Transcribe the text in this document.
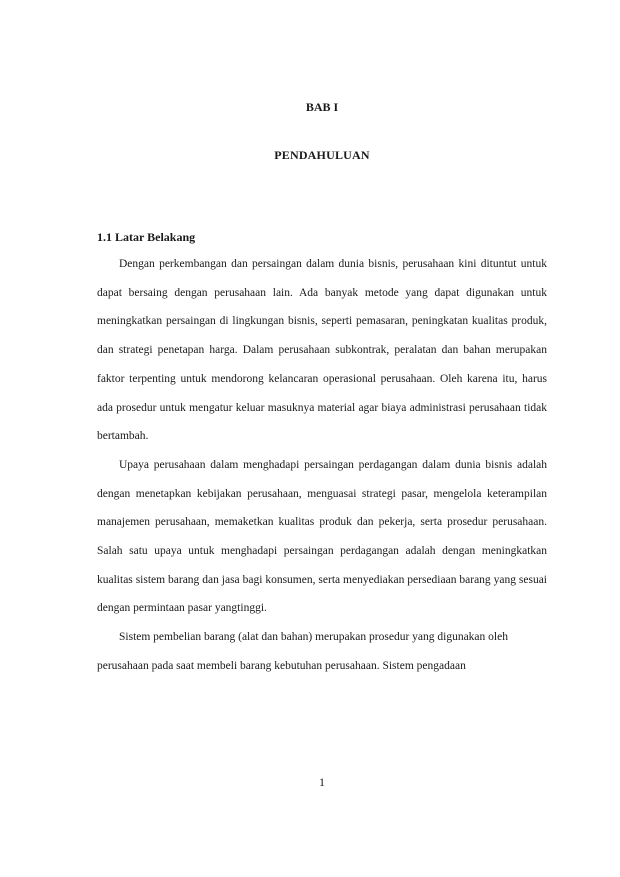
BAB I
PENDAHULUAN
1.1 Latar Belakang

Dengan perkembangan dan persaingan dalam dunia bisnis, perusahaan kini dituntut untuk dapat bersaing dengan perusahaan lain. Ada banyak metode yang dapat digunakan untuk meningkatkan persaingan di lingkungan bisnis, seperti pemasaran, peningkatan kualitas produk, dan strategi penetapan harga. Dalam perusahaan subkontrak, peralatan dan bahan merupakan faktor terpenting untuk mendorong kelancaran operasional perusahaan. Oleh karena itu, harus ada prosedur untuk mengatur keluar masuknya material agar biaya administrasi perusahaan tidak bertambah.

Upaya perusahaan dalam menghadapi persaingan perdagangan dalam dunia bisnis adalah dengan menetapkan kebijakan perusahaan, menguasai strategi pasar, mengelola keterampilan manajemen perusahaan, memaketkan kualitas produk dan pekerja, serta prosedur perusahaan. Salah satu upaya untuk menghadapi persaingan perdagangan adalah dengan meningkatkan kualitas sistem barang dan jasa bagi konsumen, serta menyediakan persediaan barang yang sesuai dengan permintaan pasar yangtinggi.

Sistem pembelian barang (alat dan bahan) merupakan prosedur yang digunakan oleh perusahaan pada saat membeli barang kebutuhan perusahaan. Sistem pengadaan

1
